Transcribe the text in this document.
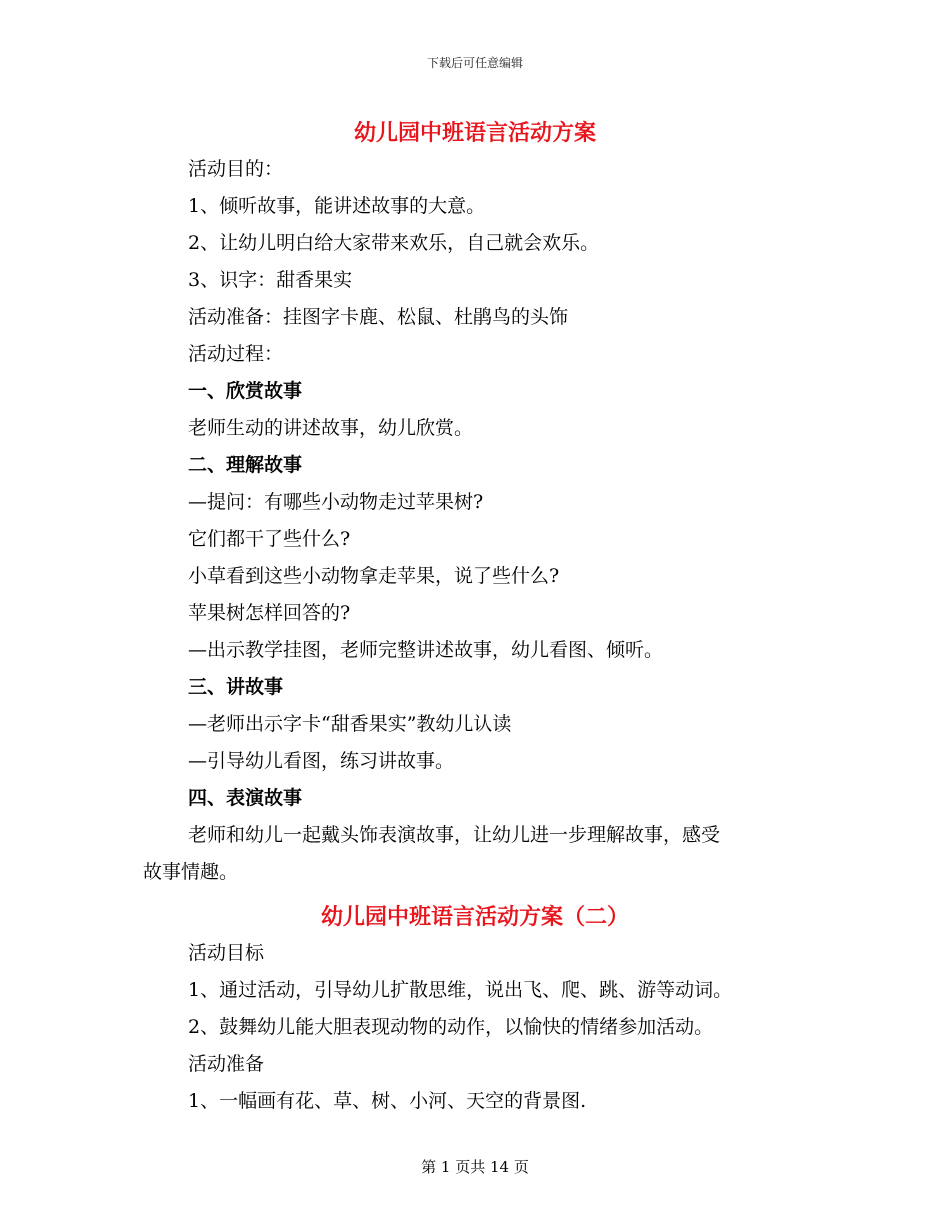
下载后可任意编辑
幼儿园中班语言活动方案
活动目的：
1、倾听故事，能讲述故事的大意。
2、让幼儿明白给大家带来欢乐，自己就会欢乐。
3、识字：甜香果实
活动准备：挂图字卡鹿、松鼠、杜鹃鸟的头饰
活动过程：
一、欣赏故事
老师生动的讲述故事，幼儿欣赏。
二、理解故事
—提问：有哪些小动物走过苹果树?
它们都干了些什么?
小草看到这些小动物拿走苹果，说了些什么?
苹果树怎样回答的?
—出示教学挂图，老师完整讲述故事，幼儿看图、倾听。
三、讲故事
—老师出示字卡“甜香果实”教幼儿认读
—引导幼儿看图，练习讲故事。
四、表演故事
老师和幼儿一起戴头饰表演故事，让幼儿进一步理解故事，感受
故事情趣。
幼儿园中班语言活动方案（二）
活动目标
1、通过活动，引导幼儿扩散思维，说出飞、爬、跳、游等动词。
2、鼓舞幼儿能大胆表现动物的动作，以愉快的情绪参加活动。
活动准备
1、一幅画有花、草、树、小河、天空的背景图.
第 1 页共 14 页
